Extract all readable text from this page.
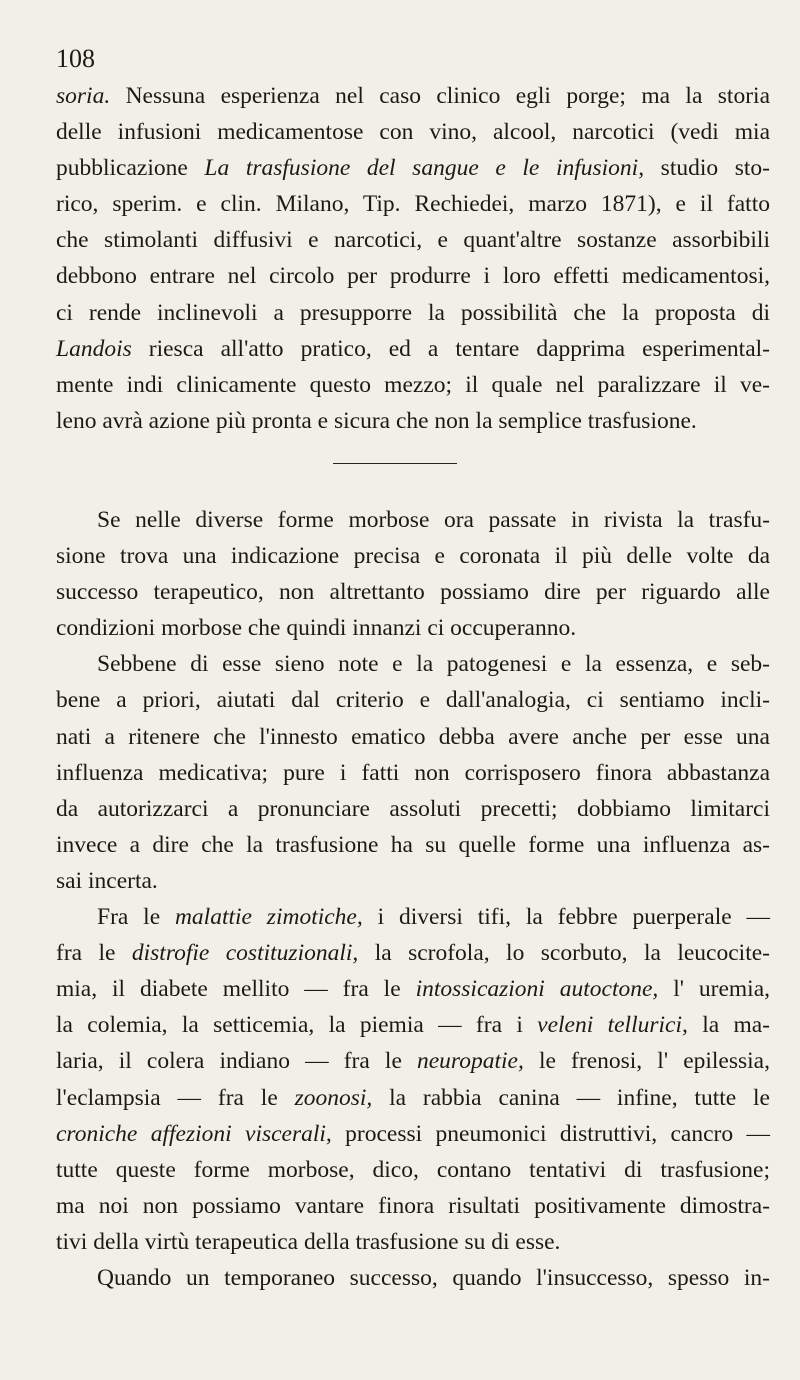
108
soria. Nessuna esperienza nel caso clinico egli porge; ma la storia
delle infusioni medicamentose con vino, alcool, narcotici (vedi mia
pubblicazione La trasfusione del sangue e le infusioni, studio sto-
rico, sperim. e clin. Milano, Tip. Rechiedei, marzo 1871), e il fatto
che stimolanti diffusivi e narcotici, e quant'altre sostanze assorbibili
debbono entrare nel circolo per produrre i loro effetti medicamentosi,
ci rende inclinevoli a presupporre la possibilità che la proposta di
Landois riesca all'atto pratico, ed a tentare dapprima esperimental-
mente indi clinicamente questo mezzo; il quale nel paralizzare il ve-
leno avrà azione più pronta e sicura che non la semplice trasfusione.
Se nelle diverse forme morbose ora passate in rivista la trasfu-
sione trova una indicazione precisa e coronata il più delle volte da
successo terapeutico, non altrettanto possiamo dire per riguardo alle
condizioni morbose che quindi innanzi ci occuperanno.
Sebbene di esse sieno note e la patogenesi e la essenza, e seb-
bene a priori, aiutati dal criterio e dall'analogia, ci sentiamo incli-
nati a ritenere che l'innesto ematico debba avere anche per esse una
influenza medicativa; pure i fatti non corrisposero finora abbastanza
da autorizzarci a pronunciare assoluti precetti; dobbiamo limitarci
invece a dire che la trasfusione ha su quelle forme una influenza as-
sai incerta.
Fra le malattie zimotiche, i diversi tifi, la febbre puerperale —
fra le distrofie costituzionali, la scrofola, lo scorbuto, la leucocite-
mia, il diabete mellito — fra le intossicazioni autoctone, l' uremia,
la colemia, la setticemia, la piemia — fra i veleni tellurici, la ma-
laria, il colera indiano — fra le neuropatie, le frenosi, l' epilessia,
l'eclampsia — fra le zoonosi, la rabbia canina — infine, tutte le
croniche affezioni viscerali, processi pneumonici distruttivi, cancro —
tutte queste forme morbose, dico, contano tentativi di trasfusione;
ma noi non possiamo vantare finora risultati positivamente dimostra-
tivi della virtù terapeutica della trasfusione su di esse.
Quando un temporaneo successo, quando l'insuccesso, spesso in-
